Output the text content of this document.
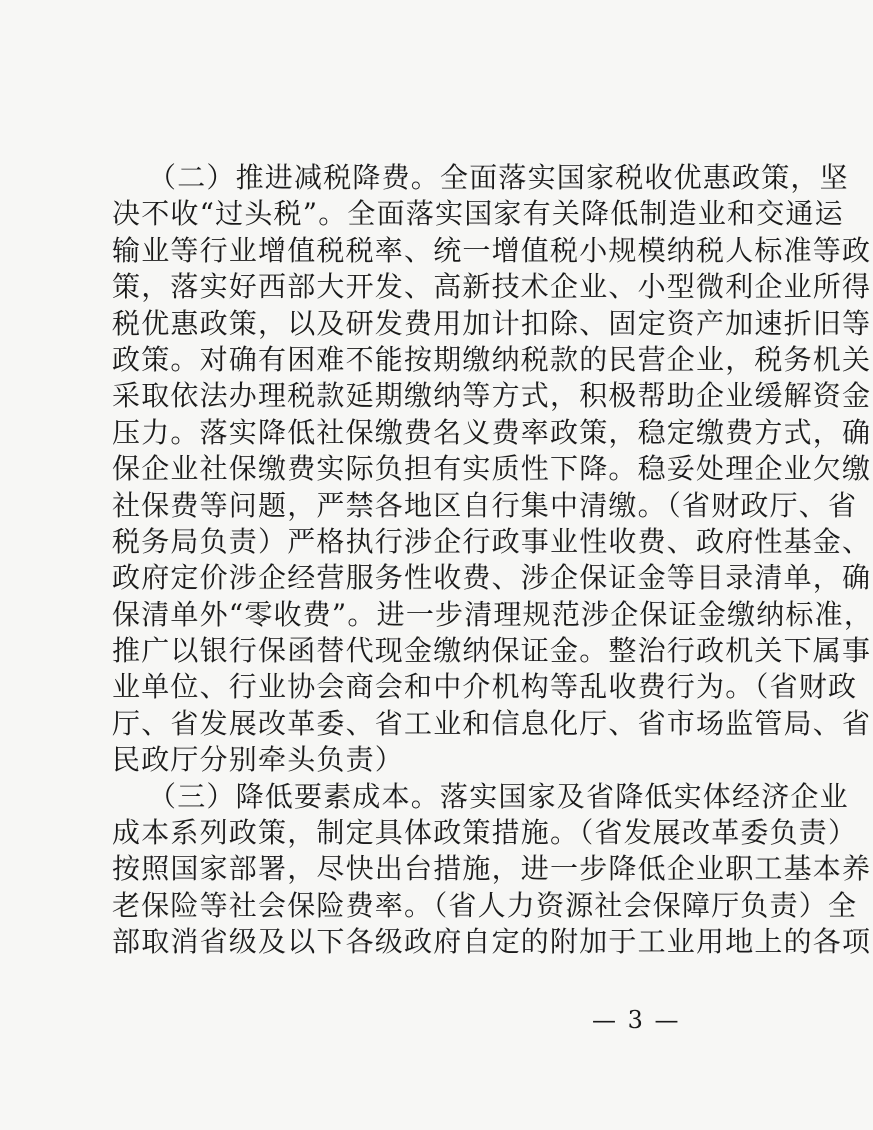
（二）推进减税降费。全面落实国家税收优惠政策，坚
决不收“过头税”。全面落实国家有关降低制造业和交通运
输业等行业增值税税率、统一增值税小规模纳税人标准等政
策，落实好西部大开发、高新技术企业、小型微利企业所得
税优惠政策，以及研发费用加计扣除、固定资产加速折旧等
政策。对确有困难不能按期缴纳税款的民营企业，税务机关
采取依法办理税款延期缴纳等方式，积极帮助企业缓解资金
压力。落实降低社保缴费名义费率政策，稳定缴费方式，确
保企业社保缴费实际负担有实质性下降。稳妥处理企业欠缴
社保费等问题，严禁各地区自行集中清缴。（省财政厅、省
税务局负责）严格执行涉企行政事业性收费、政府性基金、
政府定价涉企经营服务性收费、涉企保证金等目录清单，确
保清单外“零收费”。进一步清理规范涉企保证金缴纳标准，
推广以银行保函替代现金缴纳保证金。整治行政机关下属事
业单位、行业协会商会和中介机构等乱收费行为。（省财政
厅、省发展改革委、省工业和信息化厅、省市场监管局、省
民政厅分别牵头负责）
（三）降低要素成本。落实国家及省降低实体经济企业
成本系列政策，制定具体政策措施。（省发展改革委负责）
按照国家部署，尽快出台措施，进一步降低企业职工基本养
老保险等社会保险费率。（省人力资源社会保障厅负责）全
部取消省级及以下各级政府自定的附加于工业用地上的各项
— 3 —
